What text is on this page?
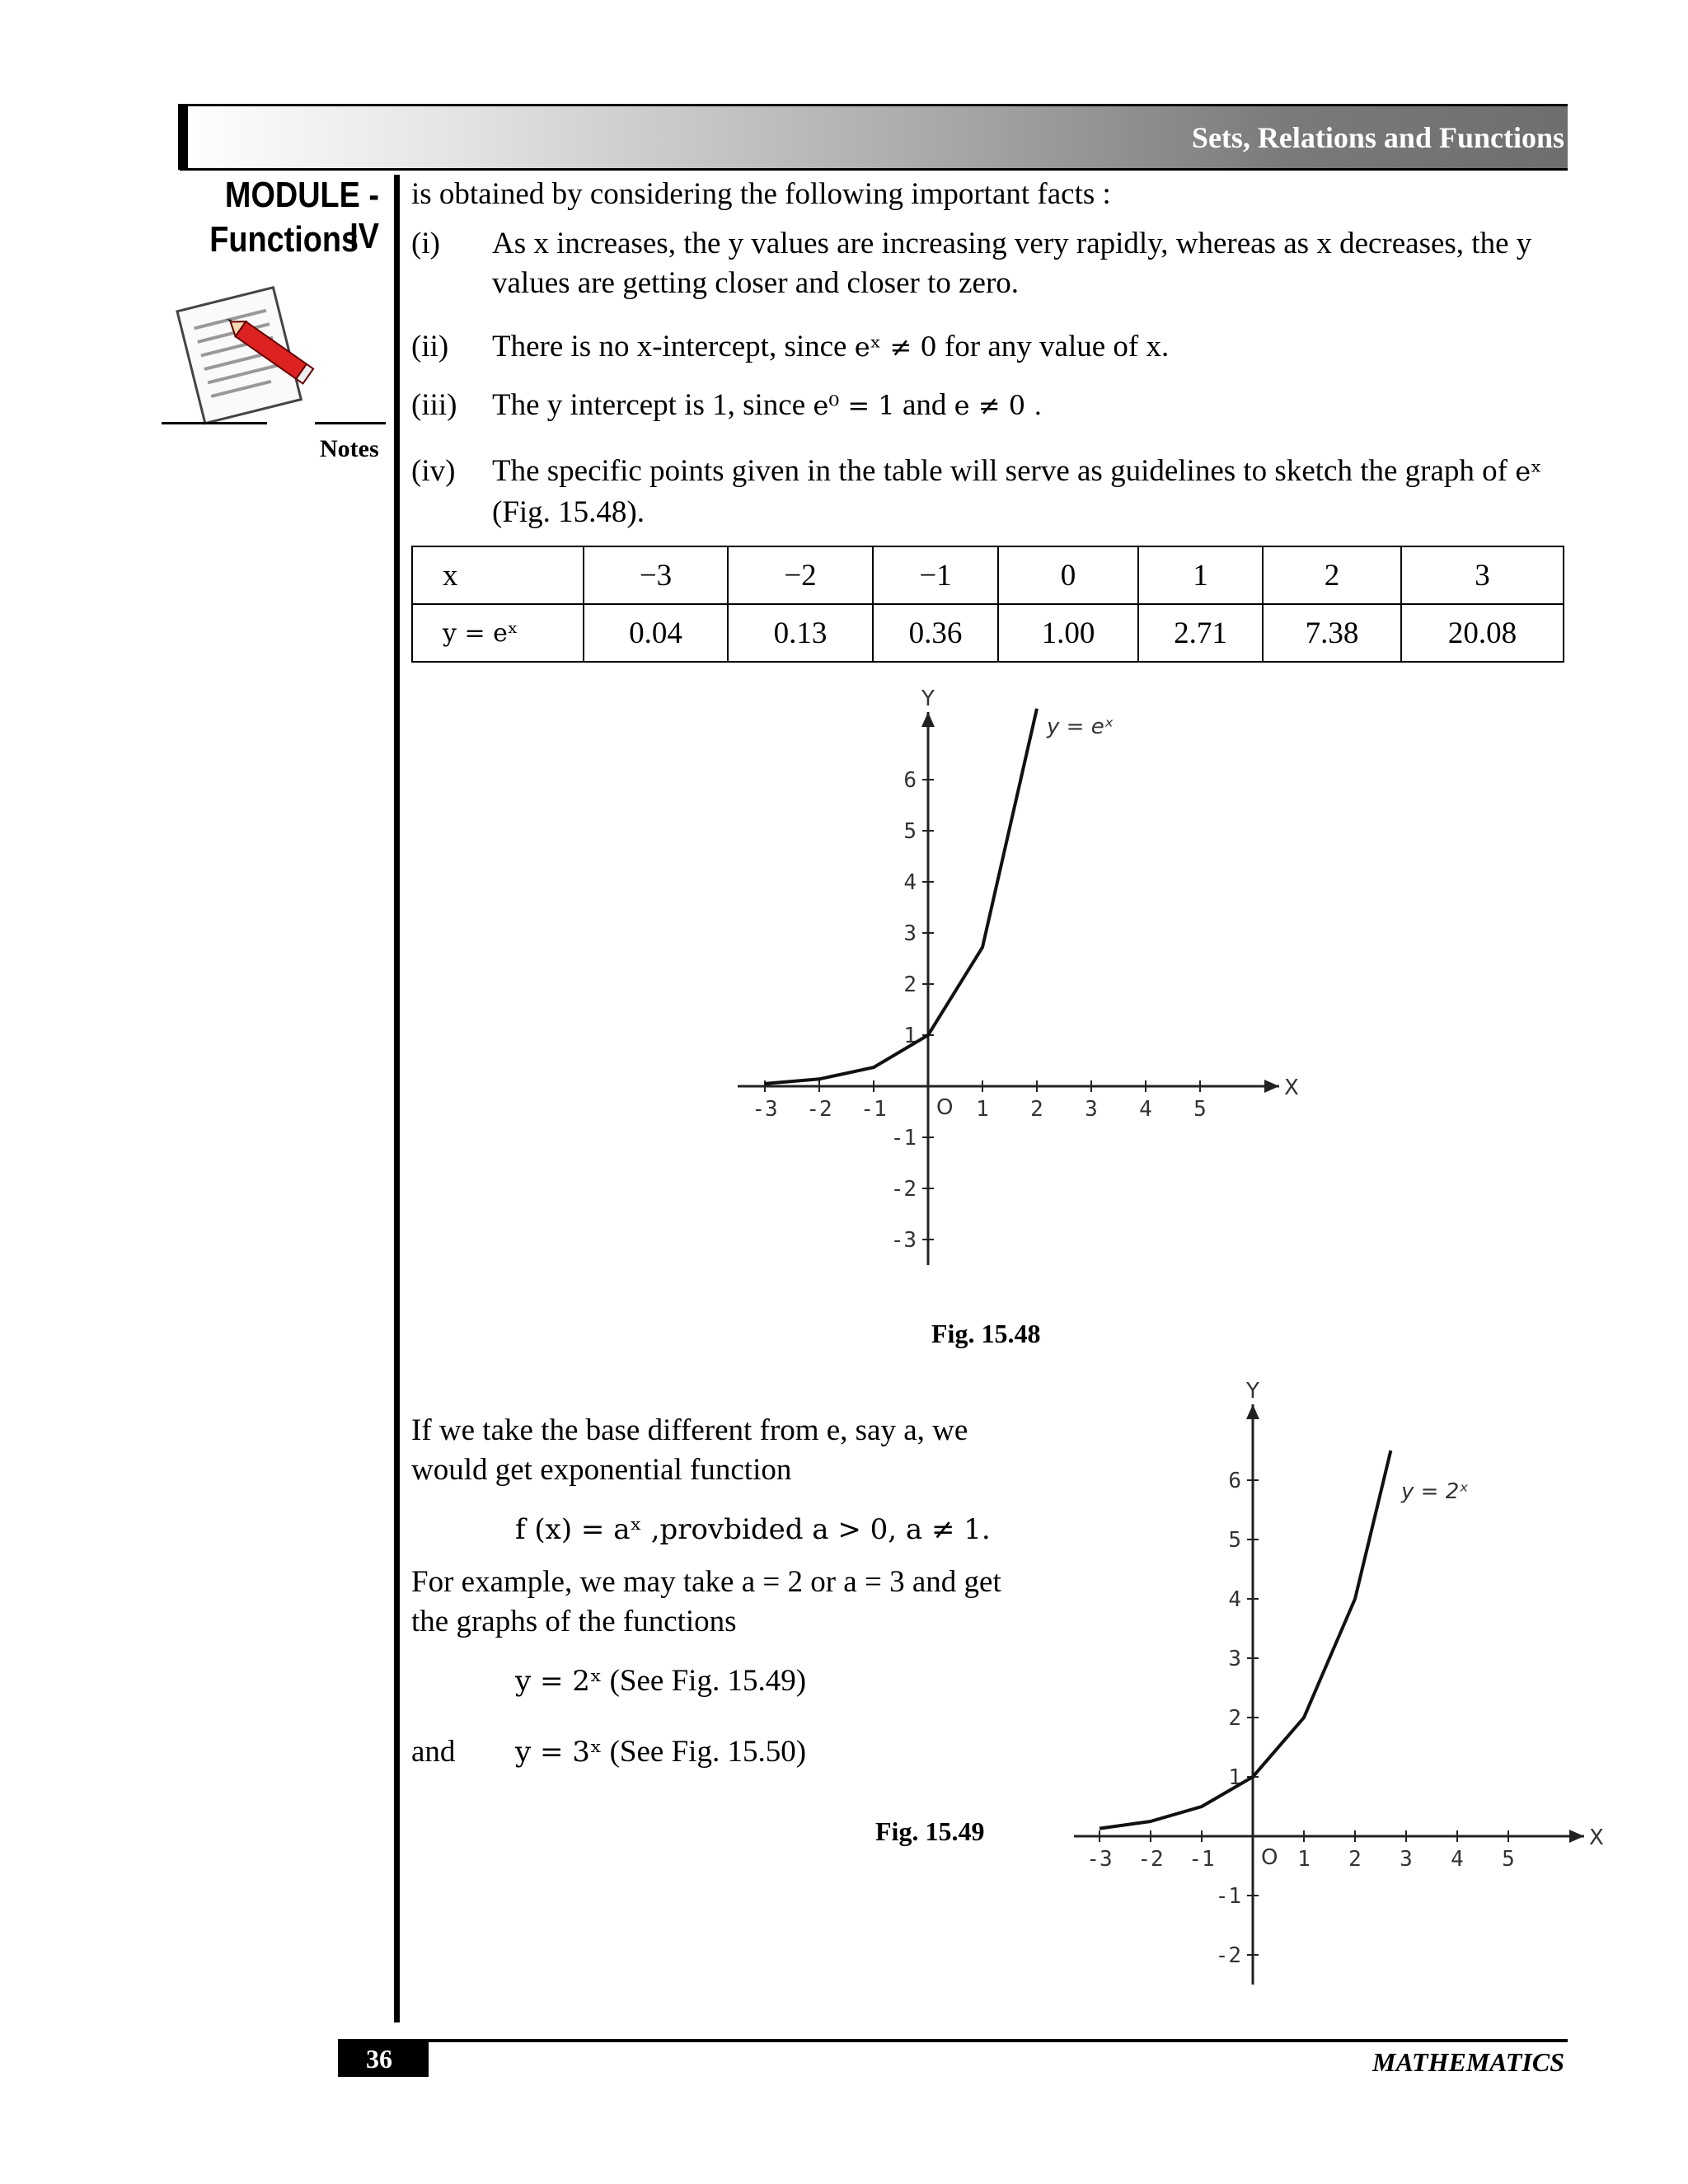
Sets, Relations and Functions
MODULE - IV
Functions
Notes
is obtained by considering the following important facts :
(i) As x increases, the y values are increasing very rapidly, whereas as x decreases, the y
values are getting closer and closer to zero.
(ii) There is no x-intercept, since eˣ ≠ 0 for any value of x.
(iii) The y intercept is 1, since e⁰ = 1 and e ≠ 0 .
(iv) The specific points given in the table will serve as guidelines to sketch the graph of eˣ
(Fig. 15.48).
x	−3	−2	−1	0	1	2	3
y = eˣ	0.04	0.13	0.36	1.00	2.71	7.38	20.08
X
Y
O
-3 -2 -1	1 2 3 4 5
6
5
4
3
2
1
-1
-2
-3
y = eˣ
Fig. 15.48
If we take the base different from e, say a, we
would get exponential function
f (x) = aˣ ,provbided a > 0, a ≠ 1.
For example, we may take a = 2 or a = 3 and get
the graphs of the functions
y = 2ˣ (See Fig. 15.49)
and y = 3ˣ (See Fig. 15.50)
Fig. 15.49	X
Y
O
-3 -2 -1	1 2 3 4 5
6
5
4
3
2
1
-1
-2
y = 2ˣ
36	MATHEMATICS
